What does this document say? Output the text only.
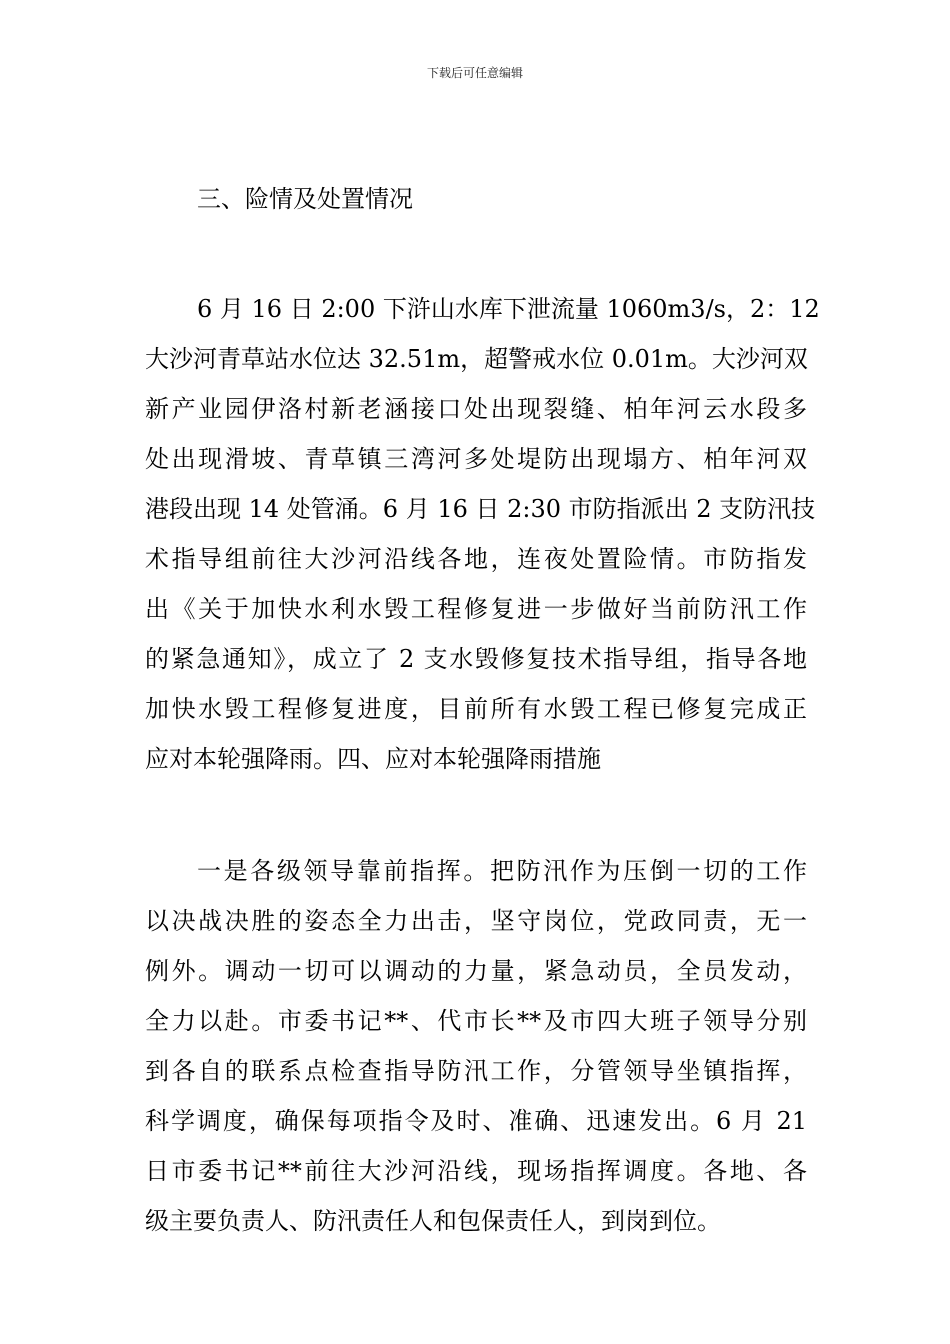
下载后可任意编辑
三、险情及处置情况
6 月 16 日 2:00 下浒山水库下泄流量 1060m3/s，2：12
大沙河青草站水位达 32.51m，超警戒水位 0.01m。大沙河双
新产业园伊洛村新老涵接口处出现裂缝、柏年河云水段多
处出现滑坡、青草镇三湾河多处堤防出现塌方、柏年河双
港段出现 14 处管涌。6 月 16 日 2:30 市防指派出 2 支防汛技
术指导组前往大沙河沿线各地，连夜处置险情。市防指发
出《关于加快水利水毁工程修复进一步做好当前防汛工作
的紧急通知》，成立了 2 支水毁修复技术指导组，指导各地
加快水毁工程修复进度，目前所有水毁工程已修复完成正
应对本轮强降雨。四、应对本轮强降雨措施
一是各级领导靠前指挥。把防汛作为压倒一切的工作
以决战决胜的姿态全力出击，坚守岗位，党政同责，无一
例外。调动一切可以调动的力量，紧急动员，全员发动，
全力以赴。市委书记**、代市长**及市四大班子领导分别
到各自的联系点检查指导防汛工作，分管领导坐镇指挥，
科学调度，确保每项指令及时、准确、迅速发出。6 月 21
日市委书记**前往大沙河沿线，现场指挥调度。各地、各
级主要负责人、防汛责任人和包保责任人，到岗到位。
